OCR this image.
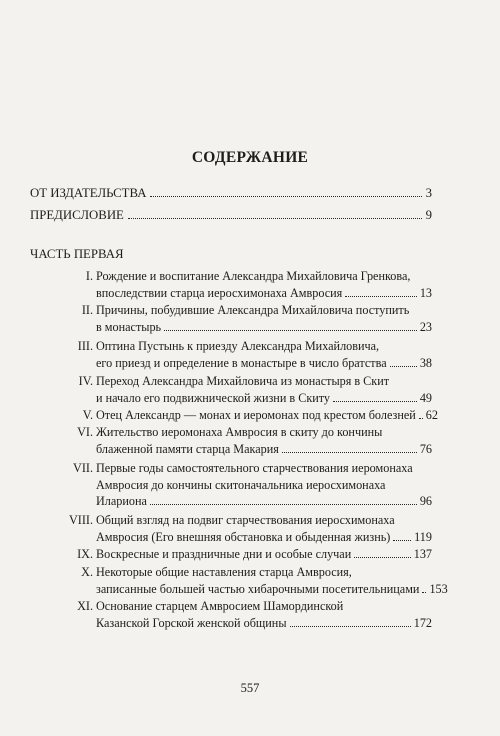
СОДЕРЖАНИЕ
ОТ ИЗДАТЕЛЬСТВА	3
ПРЕДИСЛОВИЕ	9
ЧАСТЬ ПЕРВАЯ
I. Рождение и воспитание Александра Михайловича Гренкова,
впоследствии старца иеросхимонаха Амвросия	13
II. Причины, побудившие Александра Михайловича поступить
в монастырь	23
III. Оптина Пустынь к приезду Александра Михайловича,
его приезд и определение в монастыре в число братства	38
IV. Переход Александра Михайловича из монастыря в Скит
и начало его подвижнической жизни в Скиту	49
V. Отец Александр — монах и иеромонах под крестом болезней 62
VI. Жительство иеромонаха Амвросия в скиту до кончины
блаженной памяти старца Макария	76
VII. Первые годы самостоятельного старчествования иеромонаха
Амвросия до кончины скитоначальника иеросхимонаха
Илариона	96
VIII. Общий взгляд на подвиг старчествования иеросхимонаха
Амвросия (Его внешняя обстановка и обыденная жизнь) 119
IX. Воскресные и праздничные дни и особые случаи	137
X. Некоторые общие наставления старца Амвросия,
записанные большей частью хибарочными посетительницами 153
XI. Основание старцем Амвросием Шамординской
Казанской Горской женской общины	172
557
